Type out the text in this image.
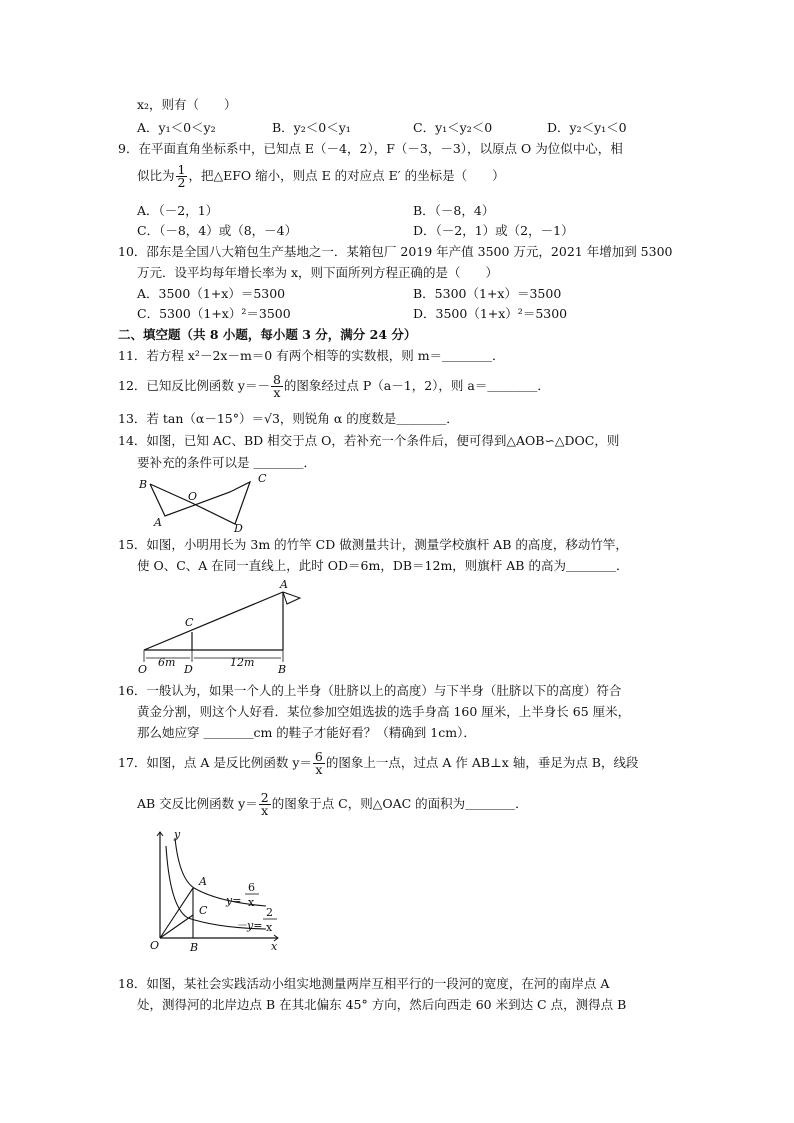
x₂，则有（　　）
A．y₁＜0＜y₂	B．y₂＜0＜y₁	C．y₁＜y₂＜0	D．y₂＜y₁＜0
9．在平面直角坐标系中，已知点 E（－4，2），F（－3，－3），以原点 O 为位似中心，相
似比为 $\frac{1}{2}$ ，把△EFO 缩小，则点 E 的对应点 E′ 的坐标是（　　）
A．（－2，1）	B．（－8，4）
C．（－8，4）或（8，－4）	D．（－2，1）或（2，－1）
10．邵东是全国八大箱包生产基地之一．某箱包厂 2019 年产值 3500 万元，2021 年增加到 5300
万元．设平均每年增长率为 x，则下面所列方程正确的是（　　）
A．3500（1+x）＝5300	B．5300（1+x）＝3500
C．5300（1+x）²＝3500	D．3500（1+x）²＝5300
二、填空题（共 8 小题，每小题 3 分，满分 24 分）
11．若方程 x²－2x－m＝0 有两个相等的实数根，则 m＝＿＿＿＿．
12．已知反比例函数 $y=- \frac{8}{x}$ 的图象经过点 P（a－1，2），则 a＝＿＿＿＿．
13．若 tan（α－15°）＝√3，则锐角 α 的度数是＿＿＿＿．
14．如图，已知 AC、BD 相交于点 O，若补充一个条件后，便可得到△AOB∽△DOC，则
要补充的条件可以是 ＿＿＿＿．
B
O
C
A	D
15．如图，小明用长为 3m 的竹竿 CD 做测量共计，测量学校旗杆 AB 的高度，移动竹竿，
使 O、C、A 在同一直线上，此时 OD＝6m，DB＝12m，则旗杆 AB 的高为＿＿＿＿．
A
C
O	D	B
6m	12m
16．一般认为，如果一个人的上半身（肚脐以上的高度）与下半身（肚脐以下的高度）符合
黄金分割，则这个人好看．某位参加空姐选拔的选手身高 160 厘米，上半身长 65 厘米，
那么她应穿 ＿＿＿＿cm 的鞋子才能好看？（精确到 1cm）．
17．如图，点 A 是反比例函数 $y= \frac{6}{x}$ 的图象上一点，过点 A 作 AB⊥x 轴，垂足为点 B，线段
AB 交反比例函数 $y= \frac{2}{x}$ 的图象于点 C，则△OAC 的面积为＿＿＿＿．
y
x
O
A
B
C
y=
6
x
－y=
2
x
18．如图，某社会实践活动小组实地测量两岸互相平行的一段河的宽度，在河的南岸点 A
处，测得河的北岸边点 B 在其北偏东 45° 方向，然后向西走 60 米到达 C 点，测得点 B
